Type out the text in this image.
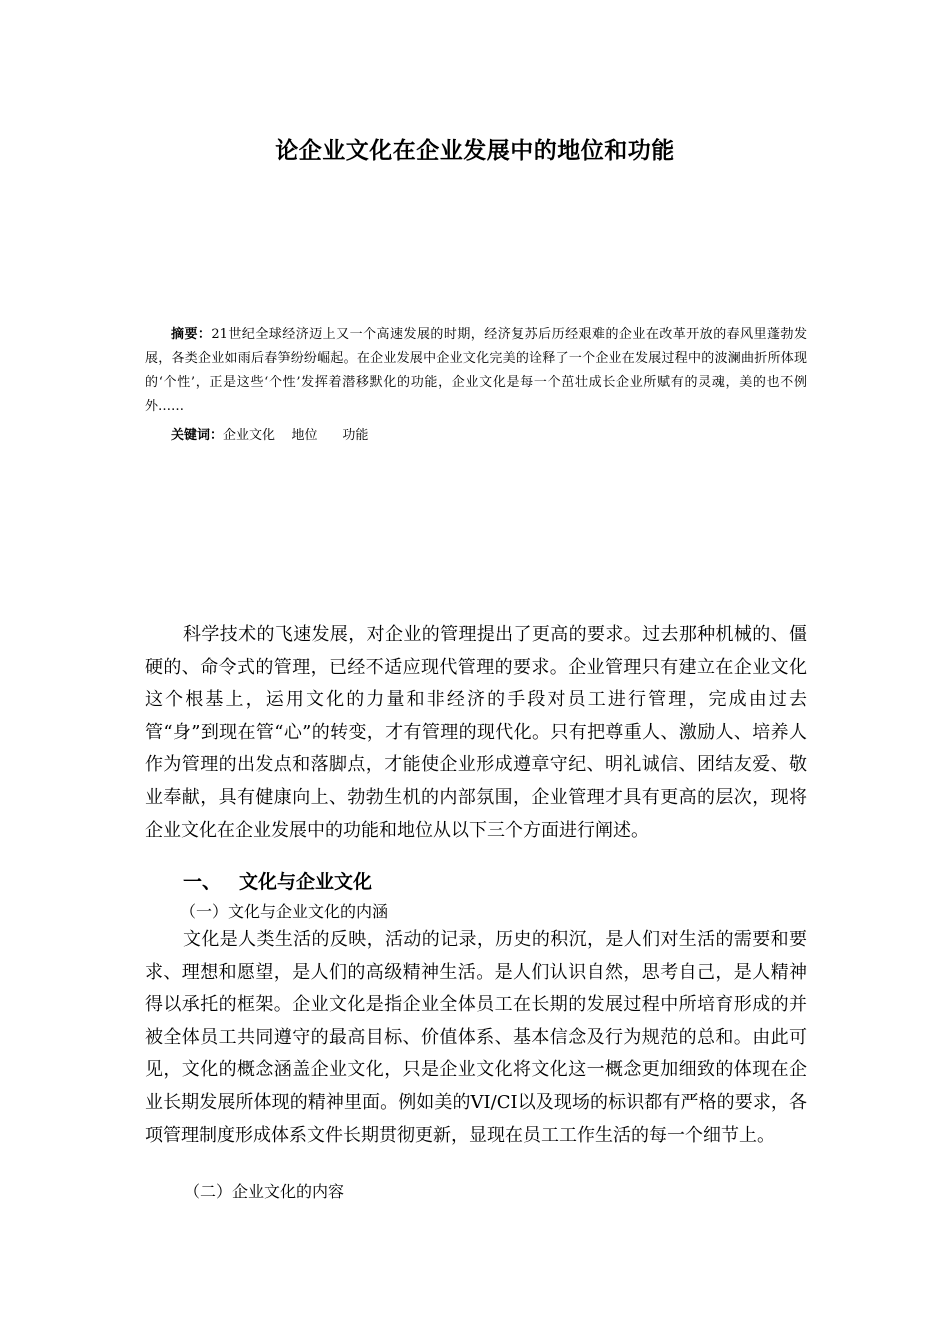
论企业文化在企业发展中的地位和功能

摘要：21世纪全球经济迈上又一个高速发展的时期，经济复苏后历经艰难的企业在改革开放的春风里蓬勃发展，各类企业如雨后春笋纷纷崛起。在企业发展中企业文化完美的诠释了一个企业在发展过程中的波澜曲折所体现的‘个性’，正是这些‘个性’发挥着潜移默化的功能，企业文化是每一个茁壮成长企业所赋有的灵魂，美的也不例外……

关键词：企业文化    地位      功能

科学技术的飞速发展，对企业的管理提出了更高的要求。过去那种机械的、僵硬的、命令式的管理，已经不适应现代管理的要求。企业管理只有建立在企业文化这个根基上，运用文化的力量和非经济的手段对员工进行管理，完成由过去管“身”到现在管“心”的转变，才有管理的现代化。只有把尊重人、激励人、培养人作为管理的出发点和落脚点，才能使企业形成遵章守纪、明礼诚信、团结友爱、敬业奉献，具有健康向上、勃勃生机的内部氛围，企业管理才具有更高的层次，现将企业文化在企业发展中的功能和地位从以下三个方面进行阐述。

一、 文化与企业文化

（一）文化与企业文化的内涵

文化是人类生活的反映，活动的记录，历史的积沉，是人们对生活的需要和要求、理想和愿望，是人们的高级精神生活。是人们认识自然，思考自己，是人精神得以承托的框架。企业文化是指企业全体员工在长期的发展过程中所培育形成的并被全体员工共同遵守的最高目标、价值体系、基本信念及行为规范的总和。由此可见，文化的概念涵盖企业文化，只是企业文化将文化这一概念更加细致的体现在企业长期发展所体现的精神里面。例如美的VI/CI以及现场的标识都有严格的要求，各项管理制度形成体系文件长期贯彻更新，显现在员工工作生活的每一个细节上。

（二）企业文化的内容
